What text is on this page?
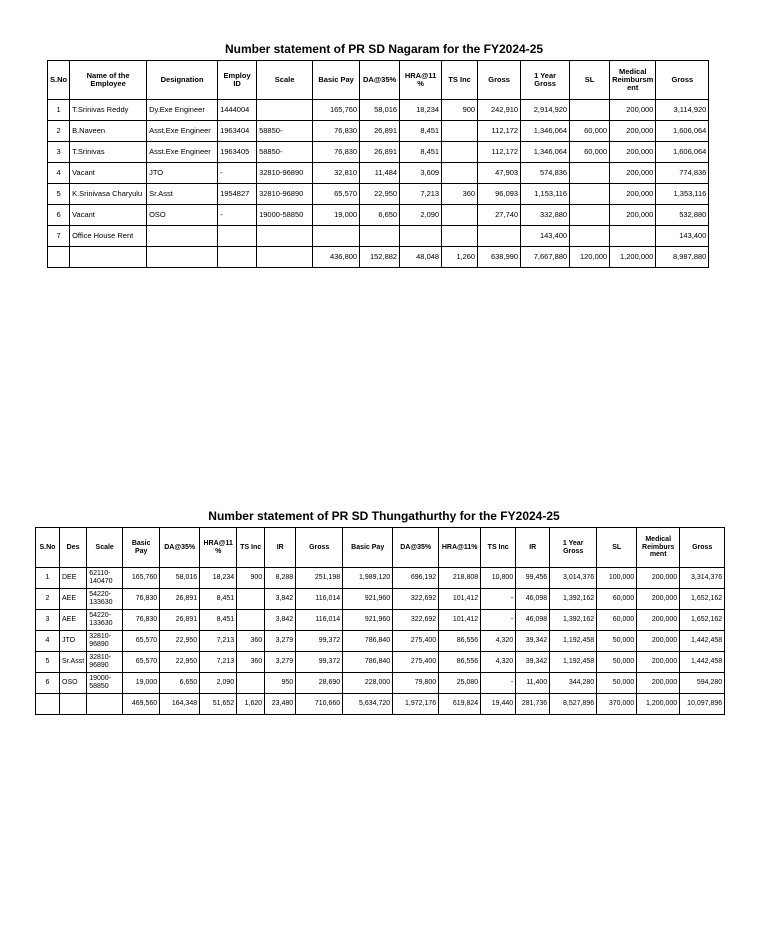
Number statement of PR SD Nagaram for the FY2024-25
S.No	Name of the Employee	Designation	Employ ID	Scale	Basic Pay	DA@35%	HRA@11 %	TS Inc	Gross	1 Year Gross	SL	Medical Reimbursm ent	Gross
1	T.Srinivas Reddy	Dy.Exe Engineer	1444004		165,760	58,016	18,234	900	242,910	2,914,920		200,000	3,114,920
2	B.Naveen	Asst.Exe Engineer	1963404	58850-	76,830	26,891	8,451		112,172	1,346,064	60,000	200,000	1,606,064
3	T.Srinivas	Asst.Exe Engineer	1963405	58850-	76,830	26,891	8,451		112,172	1,346,064	60,000	200,000	1,606,064
4	Vacant	JTO	-	32810-96890	32,810	11,484	3,609		47,903	574,836		200,000	774,836
5	K.Srinivasa Charyulu	Sr.Asst	1954827	32810-96890	65,570	22,950	7,213	360	96,093	1,153,116		200,000	1,353,116
6	Vacant	OSO	-	19000-58850	19,000	6,650	2,090		27,740	332,880		200,000	532,880
7	Office House Rent									143,400			143,400
					436,800	152,882	48,048	1,260	638,990	7,667,880	120,000	1,200,000	8,987,880
Number statement of PR SD Thungathurthy for the FY2024-25
S.No	Des	Scale	Basic Pay	DA@35%	HRA@11 %	TS Inc	IR	Gross	Basic Pay	DA@35%	HRA@11%	TS Inc	IR	1 Year Gross	SL	Medical Reimburs ment	Gross
1	DEE	62110-140470	165,760	58,016	18,234	900	8,288	251,198	1,989,120	696,192	218,808	10,800	99,456	3,014,376	100,000	200,000	3,314,376
2	AEE	54220-133630	76,830	26,891	8,451		3,842	116,014	921,960	322,692	101,412	-	46,098	1,392,162	60,000	200,000	1,652,162
3	AEE	54220-133630	76,830	26,891	8,451		3,842	116,014	921,960	322,692	101,412	-	46,098	1,392,162	60,000	200,000	1,652,162
4	JTO	32810-96890	65,570	22,950	7,213	360	3,279	99,372	786,840	275,400	86,556	4,320	39,342	1,192,458	50,000	200,000	1,442,458
5	Sr.Asst	32810-96890	65,570	22,950	7,213	360	3,279	99,372	786,840	275,400	86,556	4,320	39,342	1,192,458	50,000	200,000	1,442,458
6	OSO	19000-58850	19,000	6,650	2,090		950	28,690	228,000	79,800	25,080	-	11,400	344,280	50,000	200,000	594,280
			469,560	164,348	51,652	1,620	23,480	710,660	5,634,720	1,972,176	619,824	19,440	281,736	8,527,896	370,000	1,200,000	10,097,896
